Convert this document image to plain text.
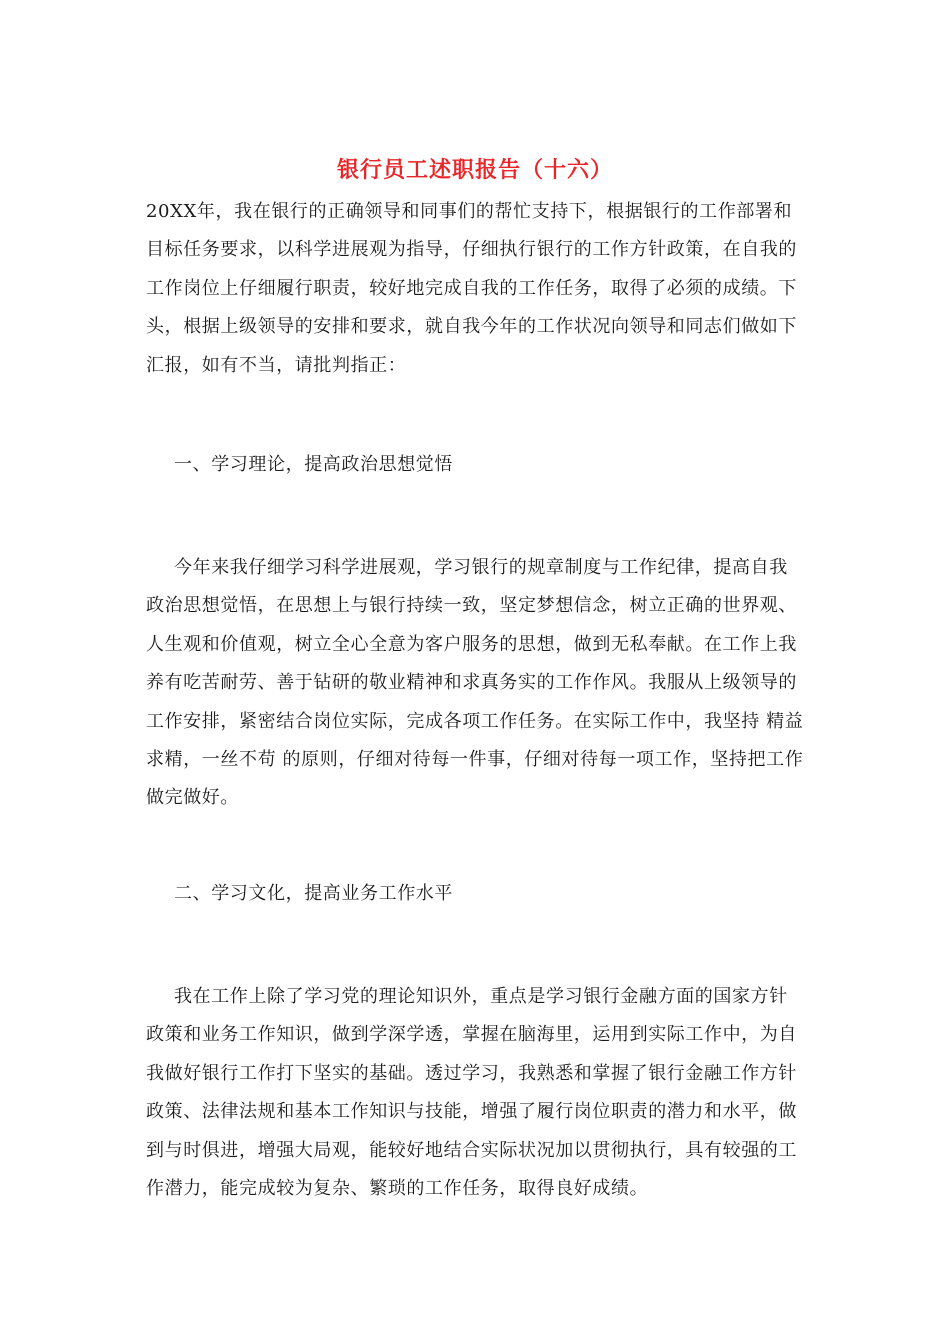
银行员工述职报告（十六）

20XX年，我在银行的正确领导和同事们的帮忙支持下，根据银行的工作部署和目标任务要求，以科学进展观为指导，仔细执行银行的工作方针政策，在自我的工作岗位上仔细履行职责，较好地完成自我的工作任务，取得了必须的成绩。下头，根据上级领导的安排和要求，就自我今年的工作状况向领导和同志们做如下汇报，如有不当，请批判指正：

一、学习理论，提高政治思想觉悟

今年来我仔细学习科学进展观，学习银行的规章制度与工作纪律，提高自我政治思想觉悟，在思想上与银行持续一致，坚定梦想信念，树立正确的世界观、人生观和价值观，树立全心全意为客户服务的思想，做到无私奉献。在工作上我养有吃苦耐劳、善于钻研的敬业精神和求真务实的工作作风。我服从上级领导的工作安排，紧密结合岗位实际，完成各项工作任务。在实际工作中，我坚持 精益求精，一丝不苟 的原则，仔细对待每一件事，仔细对待每一项工作，坚持把工作做完做好。

二、学习文化，提高业务工作水平

我在工作上除了学习党的理论知识外，重点是学习银行金融方面的国家方针政策和业务工作知识，做到学深学透，掌握在脑海里，运用到实际工作中，为自我做好银行工作打下坚实的基础。透过学习，我熟悉和掌握了银行金融工作方针政策、法律法规和基本工作知识与技能，增强了履行岗位职责的潜力和水平，做到与时俱进，增强大局观，能较好地结合实际状况加以贯彻执行，具有较强的工作潜力，能完成较为复杂、繁琐的工作任务，取得良好成绩。
